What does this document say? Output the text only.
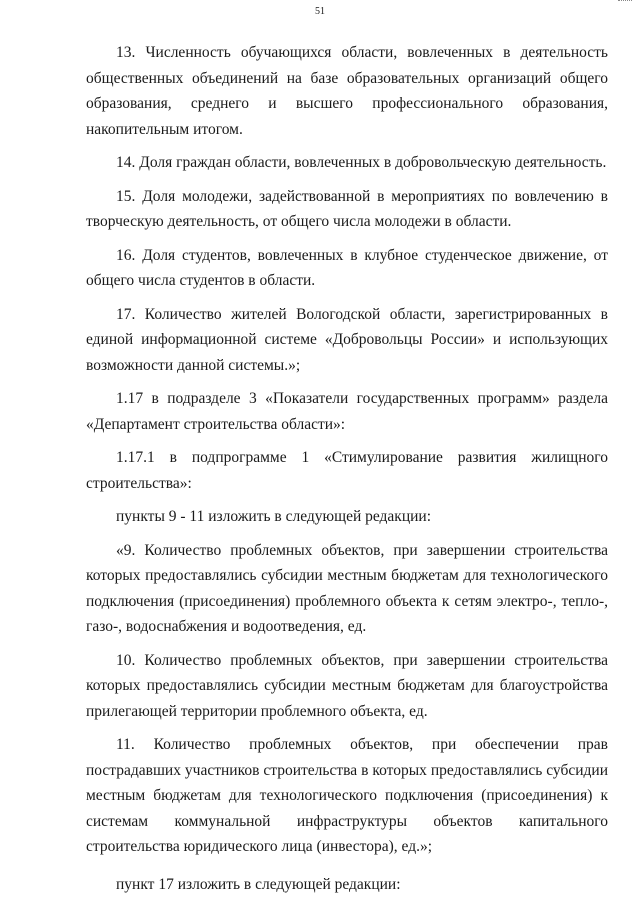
51

13. Численность обучающихся области, вовлеченных в деятельность общественных объединений на базе образовательных организаций общего образования, среднего и высшего профессионального образования, накопительным итогом.

14. Доля граждан области, вовлеченных в добровольческую деятельность.

15. Доля молодежи, задействованной в мероприятиях по вовлечению в творческую деятельность, от общего числа молодежи в области.

16. Доля студентов, вовлеченных в клубное студенческое движение, от общего числа студентов в области.

17. Количество жителей Вологодской области, зарегистрированных в единой информационной системе «Добровольцы России» и использующих возможности данной системы.»;

1.17 в подразделе 3 «Показатели государственных программ» раздела «Департамент строительства области»:

1.17.1 в подпрограмме 1 «Стимулирование развития жилищного строительства»:

пункты 9 - 11 изложить в следующей редакции:

«9. Количество проблемных объектов, при завершении строительства которых предоставлялись субсидии местным бюджетам для технологического подключения (присоединения) проблемного объекта к сетям электро-, тепло-, газо-, водоснабжения и водоотведения, ед.

10. Количество проблемных объектов, при завершении строительства которых предоставлялись субсидии местным бюджетам для благоустройства прилегающей территории проблемного объекта, ед.

11. Количество проблемных объектов, при обеспечении прав пострадавших участников строительства в которых предоставлялись субсидии местным бюджетам для технологического подключения (присоединения) к системам коммунальной инфраструктуры объектов капитального строительства юридического лица (инвестора), ед.»;

пункт 17 изложить в следующей редакции:
